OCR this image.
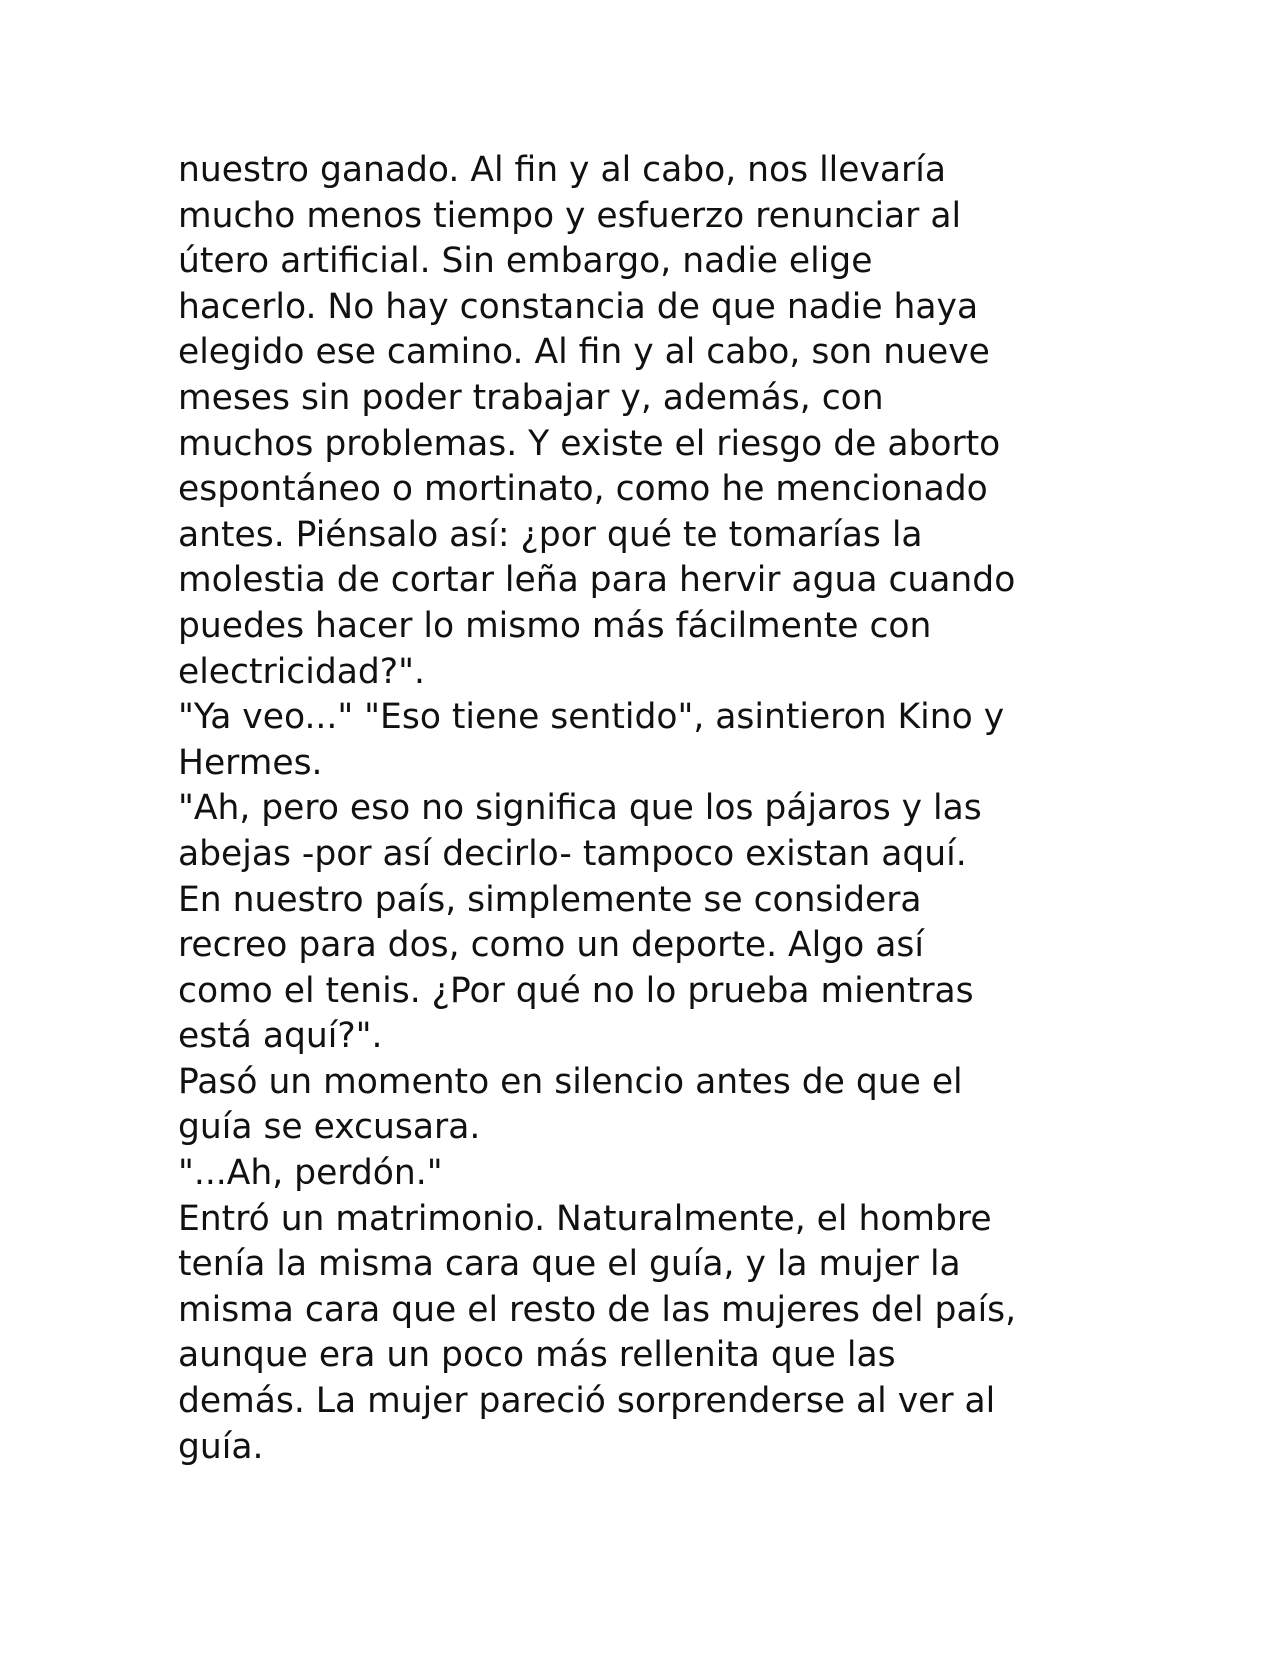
nuestro ganado. Al fin y al cabo, nos llevaría
mucho menos tiempo y esfuerzo renunciar al
útero artificial. Sin embargo, nadie elige
hacerlo. No hay constancia de que nadie haya
elegido ese camino. Al fin y al cabo, son nueve
meses sin poder trabajar y, además, con
muchos problemas. Y existe el riesgo de aborto
espontáneo o mortinato, como he mencionado
antes. Piénsalo así: ¿por qué te tomarías la
molestia de cortar leña para hervir agua cuando
puedes hacer lo mismo más fácilmente con
electricidad?".

"Ya veo..." "Eso tiene sentido", asintieron Kino y
Hermes.

"Ah, pero eso no significa que los pájaros y las
abejas -por así decirlo- tampoco existan aquí.
En nuestro país, simplemente se considera
recreo para dos, como un deporte. Algo así
como el tenis. ¿Por qué no lo prueba mientras
está aquí?".

Pasó un momento en silencio antes de que el
guía se excusara.

"...Ah, perdón."

Entró un matrimonio. Naturalmente, el hombre
tenía la misma cara que el guía, y la mujer la
misma cara que el resto de las mujeres del país,
aunque era un poco más rellenita que las
demás. La mujer pareció sorprenderse al ver al
guía.
